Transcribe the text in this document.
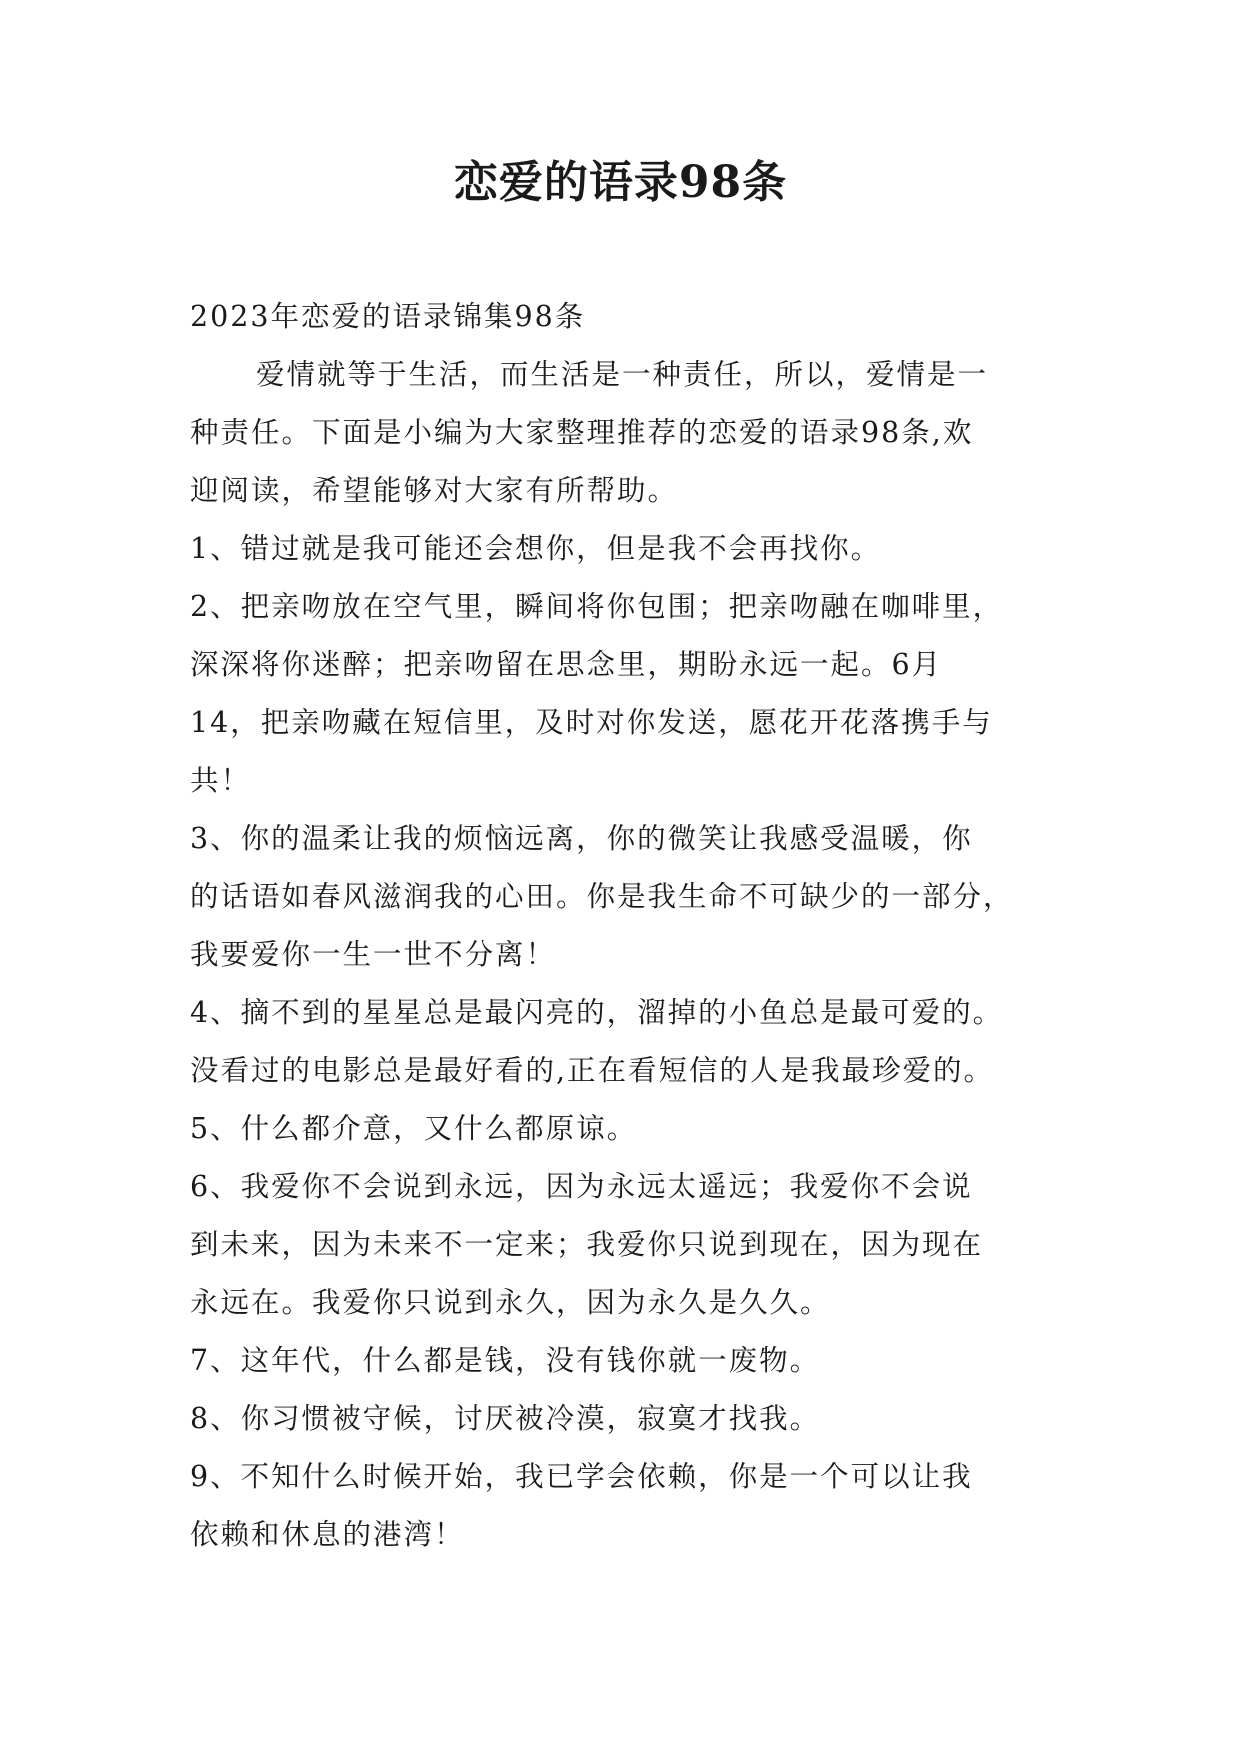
恋爱的语录98条
2023年恋爱的语录锦集98条
爱情就等于生活，而生活是一种责任，所以，爱情是一
种责任。下面是小编为大家整理推荐的恋爱的语录98条,欢
迎阅读，希望能够对大家有所帮助。
1、错过就是我可能还会想你，但是我不会再找你。
2、把亲吻放在空气里，瞬间将你包围；把亲吻融在咖啡里，
深深将你迷醉；把亲吻留在思念里，期盼永远一起。6月
14，把亲吻藏在短信里，及时对你发送，愿花开花落携手与
共！
3、你的温柔让我的烦恼远离，你的微笑让我感受温暖，你
的话语如春风滋润我的心田。你是我生命不可缺少的一部分，
我要爱你一生一世不分离！
4、摘不到的星星总是最闪亮的，溜掉的小鱼总是最可爱的。
没看过的电影总是最好看的,正在看短信的人是我最珍爱的。
5、什么都介意，又什么都原谅。
6、我爱你不会说到永远，因为永远太遥远；我爱你不会说
到未来，因为未来不一定来；我爱你只说到现在，因为现在
永远在。我爱你只说到永久，因为永久是久久。
7、这年代，什么都是钱，没有钱你就一废物。
8、你习惯被守候，讨厌被冷漠，寂寞才找我。
9、不知什么时候开始，我已学会依赖，你是一个可以让我
依赖和休息的港湾！
